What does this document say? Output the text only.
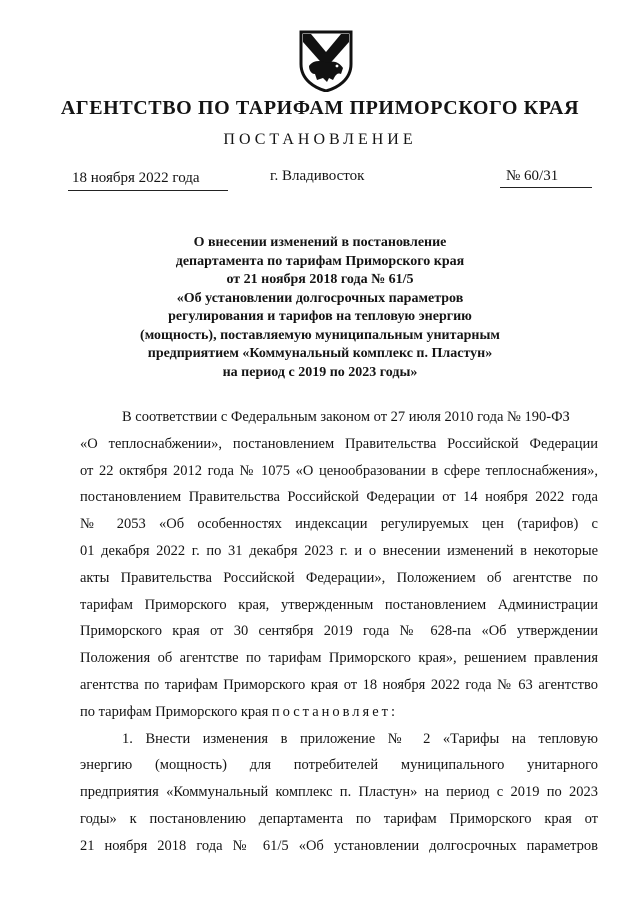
АГЕНТСТВО ПО ТАРИФАМ ПРИМОРСКОГО КРАЯ
ПОСТАНОВЛЕНИЕ
18 ноября 2022 года	г. Владивосток	№ 60/31
О внесении изменений в постановление
департамента по тарифам Приморского края
от 21 ноября 2018 года № 61/5
«Об установлении долгосрочных параметров
регулирования и тарифов на тепловую энергию
(мощность), поставляемую муниципальным унитарным
предприятием «Коммунальный комплекс п. Пластун»
на период с 2019 по 2023 годы»
В соответствии с Федеральным законом от 27 июля 2010 года № 190-ФЗ
«О теплоснабжении», постановлением Правительства Российской Федерации
от 22 октября 2012 года № 1075 «О ценообразовании в сфере теплоснабжения»,
постановлением Правительства Российской Федерации от 14 ноября 2022 года
№ 2053 «Об особенностях индексации регулируемых цен (тарифов) с
01 декабря 2022 г. по 31 декабря 2023 г. и о внесении изменений в некоторые
акты Правительства Российской Федерации», Положением об агентстве по
тарифам Приморского края, утвержденным постановлением Администрации
Приморского края от 30 сентября 2019 года № 628-па «Об утверждении
Положения об агентстве по тарифам Приморского края», решением правления
агентства по тарифам Приморского края от 18 ноября 2022 года № 63 агентство
по тарифам Приморского края постановляет:
1. Внести изменения в приложение № 2 «Тарифы на тепловую
энергию (мощность) для потребителей муниципального унитарного
предприятия «Коммунальный комплекс п. Пластун» на период с 2019 по 2023
годы» к постановлению департамента по тарифам Приморского края от
21 ноября 2018 года № 61/5 «Об установлении долгосрочных параметров
